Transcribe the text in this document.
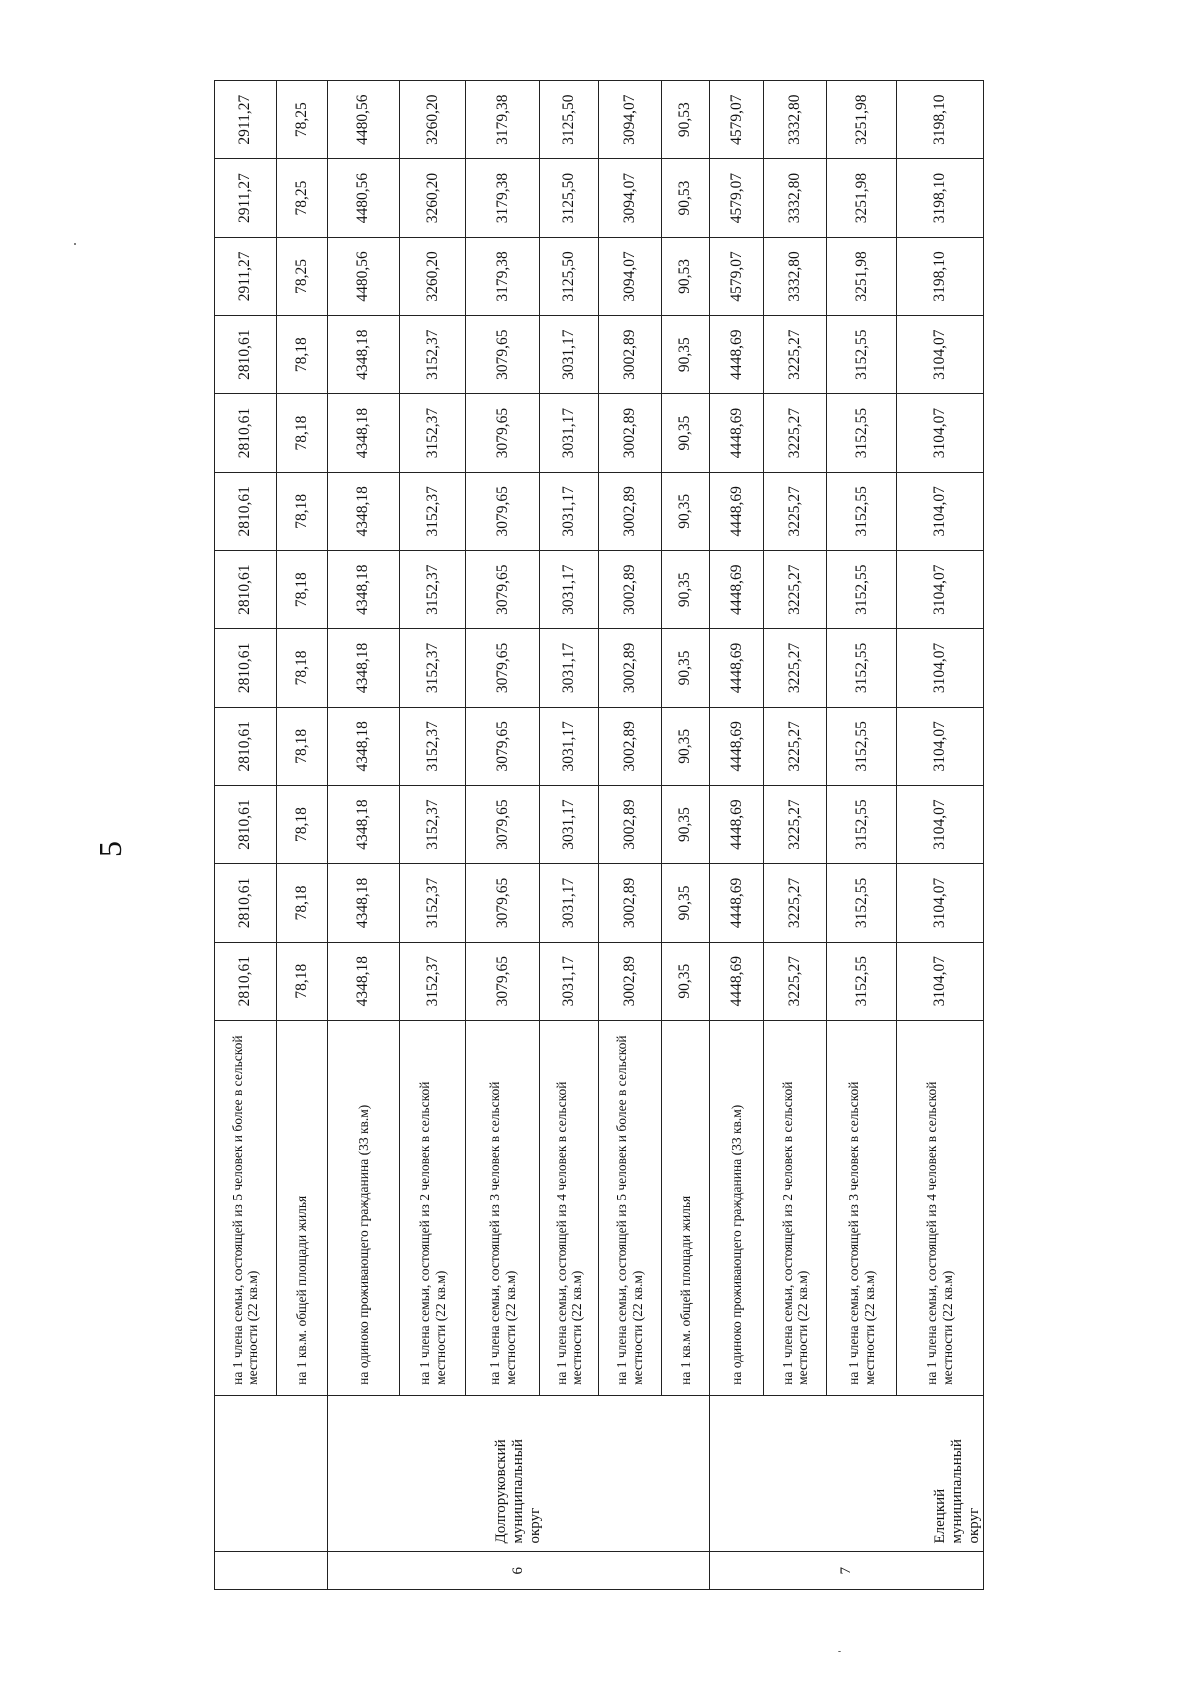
5
		на 1 члена семьи, состоящей из 5 человек и более в сельской местности (22 кв.м)	2810,61	2810,61	2810,61	2810,61	2810,61	2810,61	2810,61	2810,61	2810,61	2911,27	2911,27	2911,27
		на 1 кв.м. общей площади жилья	78,18	78,18	78,18	78,18	78,18	78,18	78,18	78,18	78,18	78,25	78,25	78,25
6	Долгоруковский муниципальный округ	на одиноко проживающего гражданина (33 кв.м)	4348,18	4348,18	4348,18	4348,18	4348,18	4348,18	4348,18	4348,18	4348,18	4480,56	4480,56	4480,56
		на 1 члена семьи, состоящей из 2 человек в сельской местности (22 кв.м)	3152,37	3152,37	3152,37	3152,37	3152,37	3152,37	3152,37	3152,37	3152,37	3260,20	3260,20	3260,20
		на 1 члена семьи, состоящей из 3 человек в сельской местности (22 кв.м)	3079,65	3079,65	3079,65	3079,65	3079,65	3079,65	3079,65	3079,65	3079,65	3179,38	3179,38	3179,38
		на 1 члена семьи, состоящей из 4 человек в сельской местности (22 кв.м)	3031,17	3031,17	3031,17	3031,17	3031,17	3031,17	3031,17	3031,17	3031,17	3125,50	3125,50	3125,50
		на 1 члена семьи, состоящей из 5 человек и более в сельской местности (22 кв.м)	3002,89	3002,89	3002,89	3002,89	3002,89	3002,89	3002,89	3002,89	3002,89	3094,07	3094,07	3094,07
		на 1 кв.м. общей площади жилья	90,35	90,35	90,35	90,35	90,35	90,35	90,35	90,35	90,35	90,53	90,53	90,53
7	Елецкий муниципальный округ	на одиноко проживающего гражданина (33 кв.м)	4448,69	4448,69	4448,69	4448,69	4448,69	4448,69	4448,69	4448,69	4448,69	4579,07	4579,07	4579,07
		на 1 члена семьи, состоящей из 2 человек в сельской местности (22 кв.м)	3225,27	3225,27	3225,27	3225,27	3225,27	3225,27	3225,27	3225,27	3225,27	3332,80	3332,80	3332,80
		на 1 члена семьи, состоящей из 3 человек в сельской местности (22 кв.м)	3152,55	3152,55	3152,55	3152,55	3152,55	3152,55	3152,55	3152,55	3152,55	3251,98	3251,98	3251,98
		на 1 члена семьи, состоящей из 4 человек в сельской местности (22 кв.м)	3104,07	3104,07	3104,07	3104,07	3104,07	3104,07	3104,07	3104,07	3104,07	3198,10	3198,10	3198,10
